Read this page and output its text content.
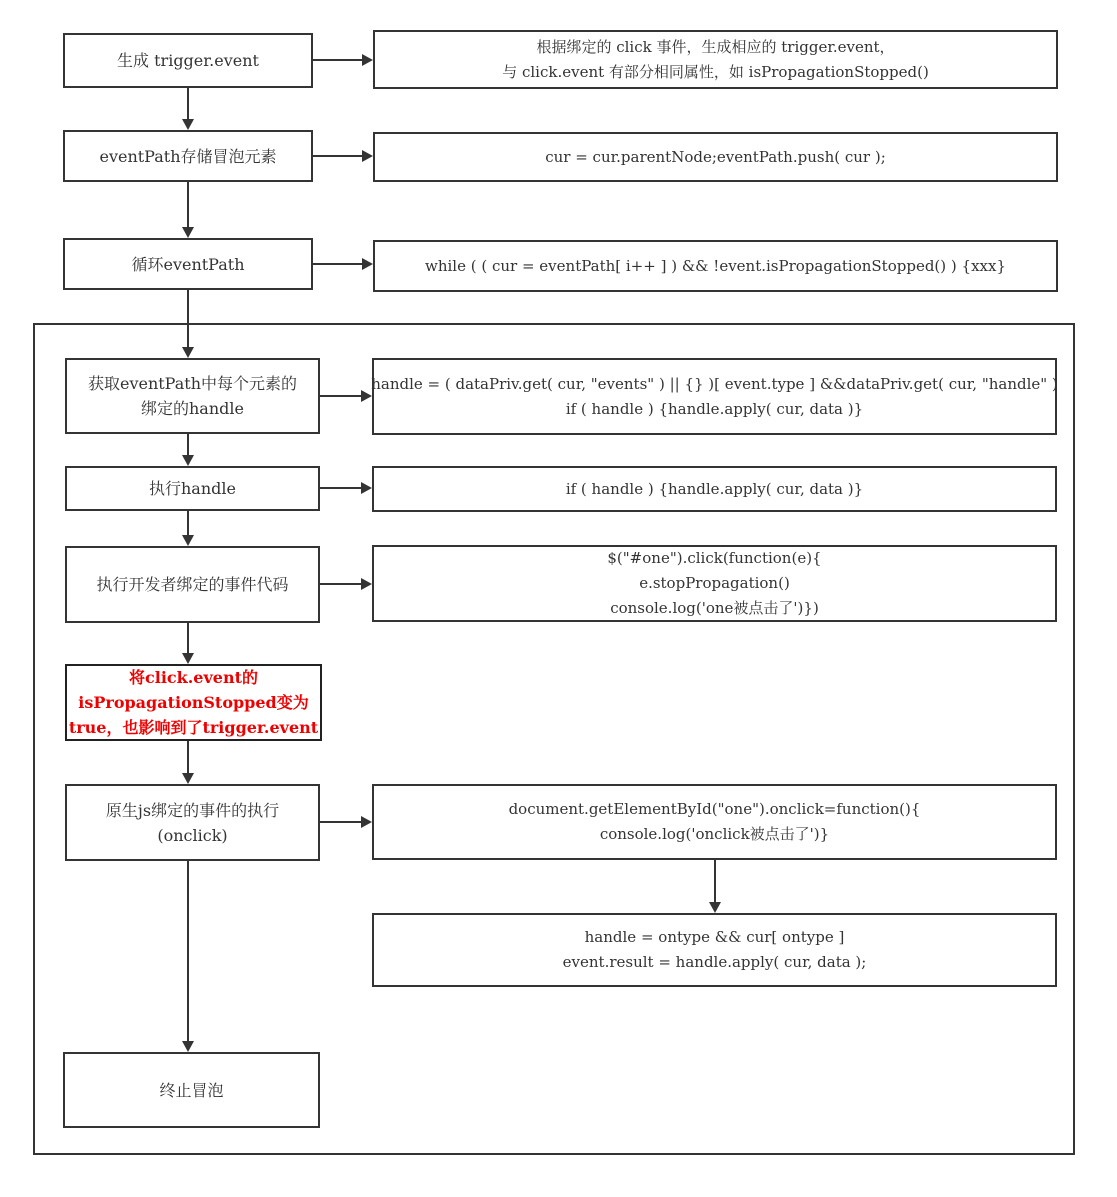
生成 trigger.event
eventPath存储冒泡元素
循环eventPath
获取eventPath中每个元素的
绑定的handle
执行handle
执行开发者绑定的事件代码
将click.event的
isPropagationStopped变为
true，也影响到了trigger.event
原生js绑定的事件的执行
(onclick)
终止冒泡
根据绑定的 click 事件，生成相应的 trigger.event，
与 click.event 有部分相同属性，如 isPropagationStopped()
cur = cur.parentNode;eventPath.push( cur );
while ( ( cur = eventPath[ i++ ] ) && !event.isPropagationStopped() ) {xxx}
handle = ( dataPriv.get( cur, "events" ) || {} )[ event.type ] &&dataPriv.get( cur, "handle" )
if ( handle ) {handle.apply( cur, data )}
if ( handle ) {handle.apply( cur, data )}
$("#one").click(function(e){
e.stopPropagation()
console.log('one被点击了')})
document.getElementById("one").onclick=function(){
console.log('onclick被点击了')}
handle = ontype && cur[ ontype ]
event.result = handle.apply( cur, data );
